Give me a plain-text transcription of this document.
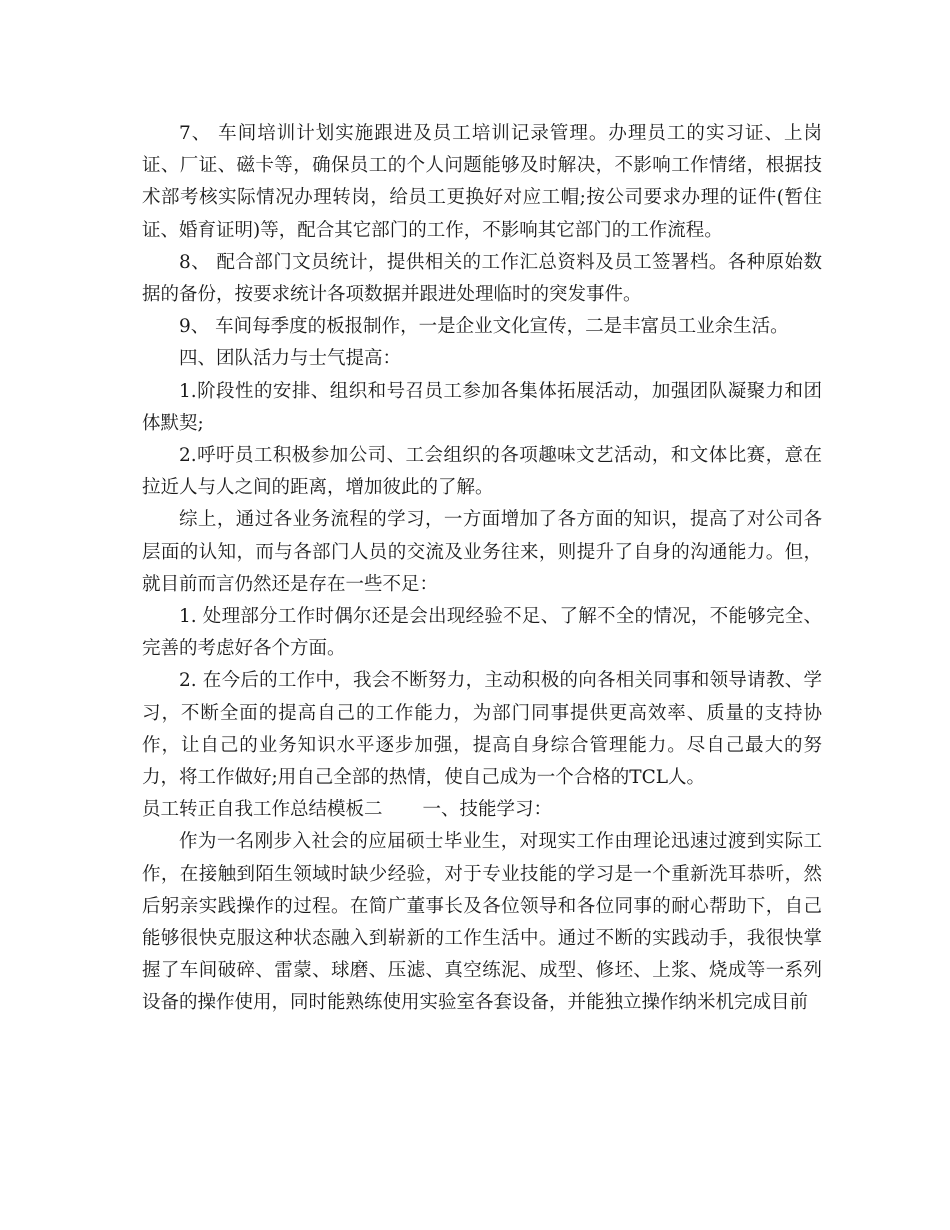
7、 车间培训计划实施跟进及员工培训记录管理。办理员工的实习证、上岗证、厂证、磁卡等，确保员工的个人问题能够及时解决，不影响工作情绪，根据技术部考核实际情况办理转岗，给员工更换好对应工帽;按公司要求办理的证件(暂住证、婚育证明)等，配合其它部门的工作，不影响其它部门的工作流程。

8、 配合部门文员统计，提供相关的工作汇总资料及员工签署档。各种原始数据的备份，按要求统计各项数据并跟进处理临时的突发事件。

9、 车间每季度的板报制作，一是企业文化宣传，二是丰富员工业余生活。

四、团队活力与士气提高：

1.阶段性的安排、组织和号召员工参加各集体拓展活动，加强团队凝聚力和团体默契;

2.呼吁员工积极参加公司、工会组织的各项趣味文艺活动，和文体比赛，意在拉近人与人之间的距离，增加彼此的了解。

综上，通过各业务流程的学习，一方面增加了各方面的知识，提高了对公司各层面的认知，而与各部门人员的交流及业务往来，则提升了自身的沟通能力。但，就目前而言仍然还是存在一些不足：

1. 处理部分工作时偶尔还是会出现经验不足、了解不全的情况，不能够完全、完善的考虑好各个方面。

2. 在今后的工作中，我会不断努力，主动积极的向各相关同事和领导请教、学习，不断全面的提高自己的工作能力，为部门同事提供更高效率、质量的支持协作，让自己的业务知识水平逐步加强，提高自身综合管理能力。尽自己最大的努力，将工作做好;用自己全部的热情，使自己成为一个合格的TCL人。

员工转正自我工作总结模板二 一、技能学习：

作为一名刚步入社会的应届硕士毕业生，对现实工作由理论迅速过渡到实际工作，在接触到陌生领域时缺少经验，对于专业技能的学习是一个重新洗耳恭听，然后躬亲实践操作的过程。在简广董事长及各位领导和各位同事的耐心帮助下，自己能够很快克服这种状态融入到崭新的工作生活中。通过不断的实践动手，我很快掌握了车间破碎、雷蒙、球磨、压滤、真空练泥、成型、修坯、上浆、烧成等一系列设备的操作使用，同时能熟练使用实验室各套设备，并能独立操作纳米机完成目前
